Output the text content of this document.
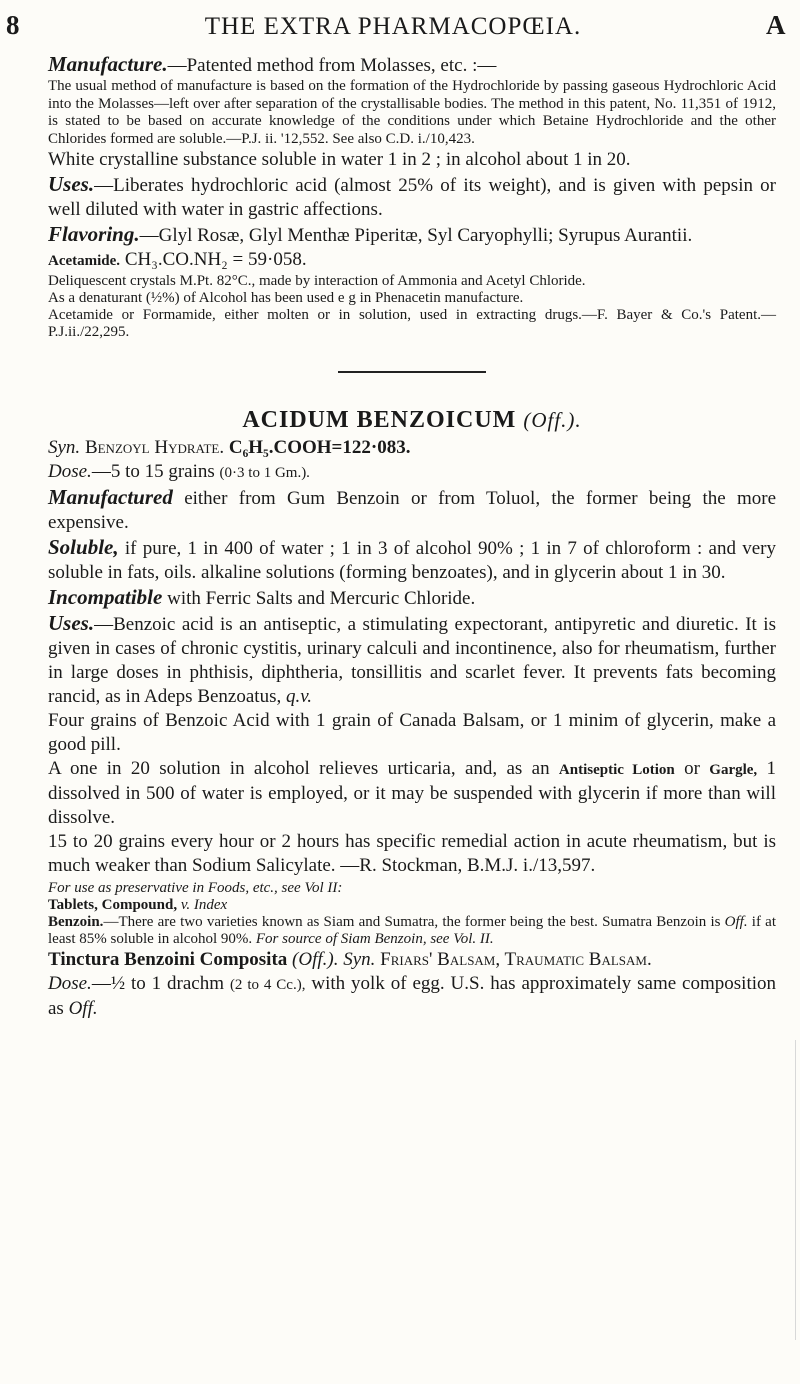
8	THE EXTRA PHARMACOPŒIA.	A

Manufacture.—Patented method from Molasses, etc. :—

The usual method of manufacture is based on the formation of the Hydrochloride by passing gaseous Hydrochloric Acid into the Molasses—left over after separation of the crystallisable bodies. The method in this patent, No. 11,351 of 1912, is stated to be based on accurate knowledge of the conditions under which Betaine Hydrochloride and the other Chlorides formed are soluble.—P.J. ii. '12,552. See also C.D. i./10,423.

White crystalline substance soluble in water 1 in 2 ; in alcohol about 1 in 20.

Uses.—Liberates hydrochloric acid (almost 25% of its weight), and is given with pepsin or well diluted with water in gastric affections.

Flavoring.—Glyl Rosæ, Glyl Menthæ Piperitæ, Syl Caryophylli; Syrupus Aurantii.

Acetamide. CH₃.CO.NH₂ = 59·058.

Deliquescent crystals M.Pt. 82°C., made by interaction of Ammonia and Acetyl Chloride.

As a denaturant (½%) of Alcohol has been used e g in Phenacetin manufacture.

Acetamide or Formamide, either molten or in solution, used in extracting drugs.—F. Bayer & Co.'s Patent.—P.J.ii./22,295.

ACIDUM BENZOICUM (Off.).

Syn. Benzoyl Hydrate. C₆H₅.COOH=122·083.

Dose.—5 to 15 grains (0·3 to 1 Gm.).

Manufactured either from Gum Benzoin or from Toluol, the former being the more expensive.

Soluble, if pure, 1 in 400 of water ; 1 in 3 of alcohol 90% ; 1 in 7 of chloroform : and very soluble in fats, oils. alkaline solutions (forming benzoates), and in glycerin about 1 in 30.

Incompatible with Ferric Salts and Mercuric Chloride.

Uses.—Benzoic acid is an antiseptic, a stimulating expectorant, antipyretic and diuretic. It is given in cases of chronic cystitis, urinary calculi and incontinence, also for rheumatism, further in large doses in phthisis, diphtheria, tonsillitis and scarlet fever. It prevents fats becoming rancid, as in Adeps Benzoatus, q.v.

Four grains of Benzoic Acid with 1 grain of Canada Balsam, or 1 minim of glycerin, make a good pill.

A one in 20 solution in alcohol relieves urticaria, and, as an Antiseptic Lotion or Gargle, 1 dissolved in 500 of water is employed, or it may be suspended with glycerin if more than will dissolve.

15 to 20 grains every hour or 2 hours has specific remedial action in acute rheumatism, but is much weaker than Sodium Salicylate. —R. Stockman, B.M.J. i./13,597.

For use as preservative in Foods, etc., see Vol II:

Tablets, Compound, v. Index

Benzoin.—There are two varieties known as Siam and Sumatra, the former being the best. Sumatra Benzoin is Off. if at least 85% soluble in alcohol 90%. For source of Siam Benzoin, see Vol. II.

Tinctura Benzoini Composita (Off.). Syn. Friars' Balsam, Traumatic Balsam.

Dose.—½ to 1 drachm (2 to 4 Cc.), with yolk of egg. U.S. has approximately same composition as Off.
